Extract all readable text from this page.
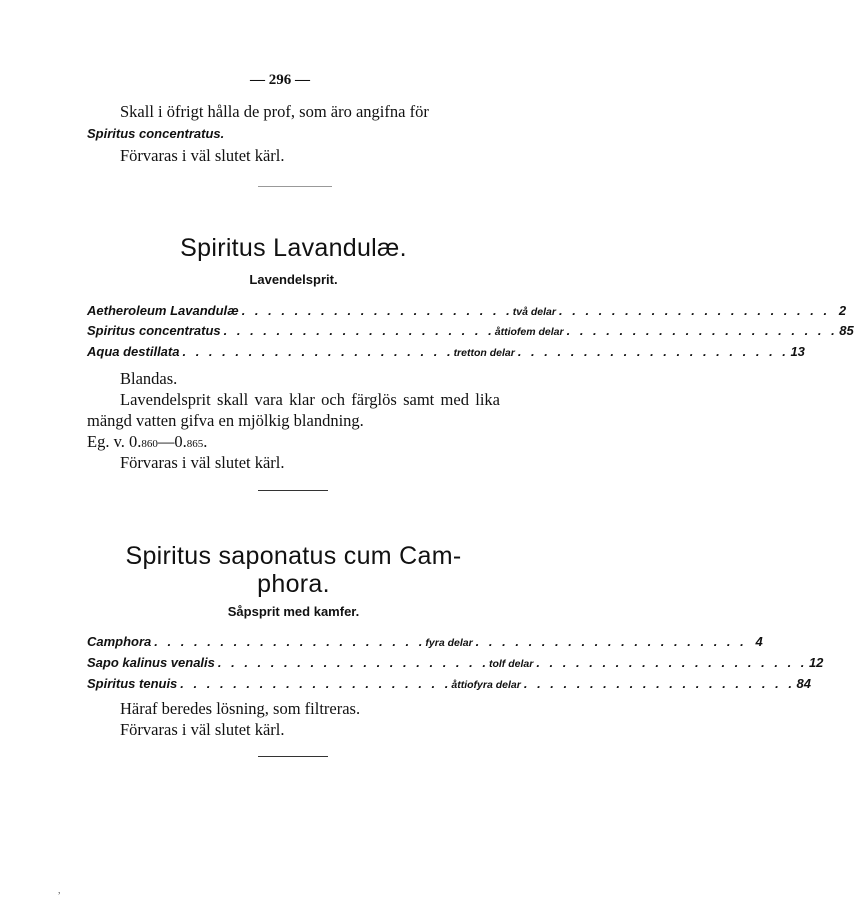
— 296 —
Skall i öfrigt hålla de prof, som äro angifna för
Spiritus concentratus.
Förvaras i väl slutet kärl.
Spiritus Lavandulæ.
Lavendelsprit.
Aetheroleum Lavandulæ . . . . . . . . . . . . . . . . . . . . . två delar . . . . . . . . . . . . . . . . . . . . . 2
Spiritus concentratus . . . . . . . . . . . . . . . . . . . . . åttiofem delar . . . . . . . . . . . . . . . . . . . . . 85
Aqua destillata . . . . . . . . . . . . . . . . . . . . . tretton delar . . . . . . . . . . . . . . . . . . . . . 13
Blandas.
Lavendelsprit skall vara klar och färglös samt med lika mängd vatten gifva en mjölkig blandning.
Eg. v. 0.860—0.865.
Förvaras i väl slutet kärl.
Spiritus saponatus cum Cam-
phora.
Såpsprit med kamfer.
Camphora . . . . . . . . . . . . . . . . . . . . . fyra delar . . . . . . . . . . . . . . . . . . . . . 4
Sapo kalinus venalis . . . . . . . . . . . . . . . . . . . . . tolf delar . . . . . . . . . . . . . . . . . . . . . 12
Spiritus tenuis . . . . . . . . . . . . . . . . . . . . . åttiofyra delar . . . . . . . . . . . . . . . . . . . . . 84
Häraf beredes lösning, som filtreras.
Förvaras i väl slutet kärl.
,
